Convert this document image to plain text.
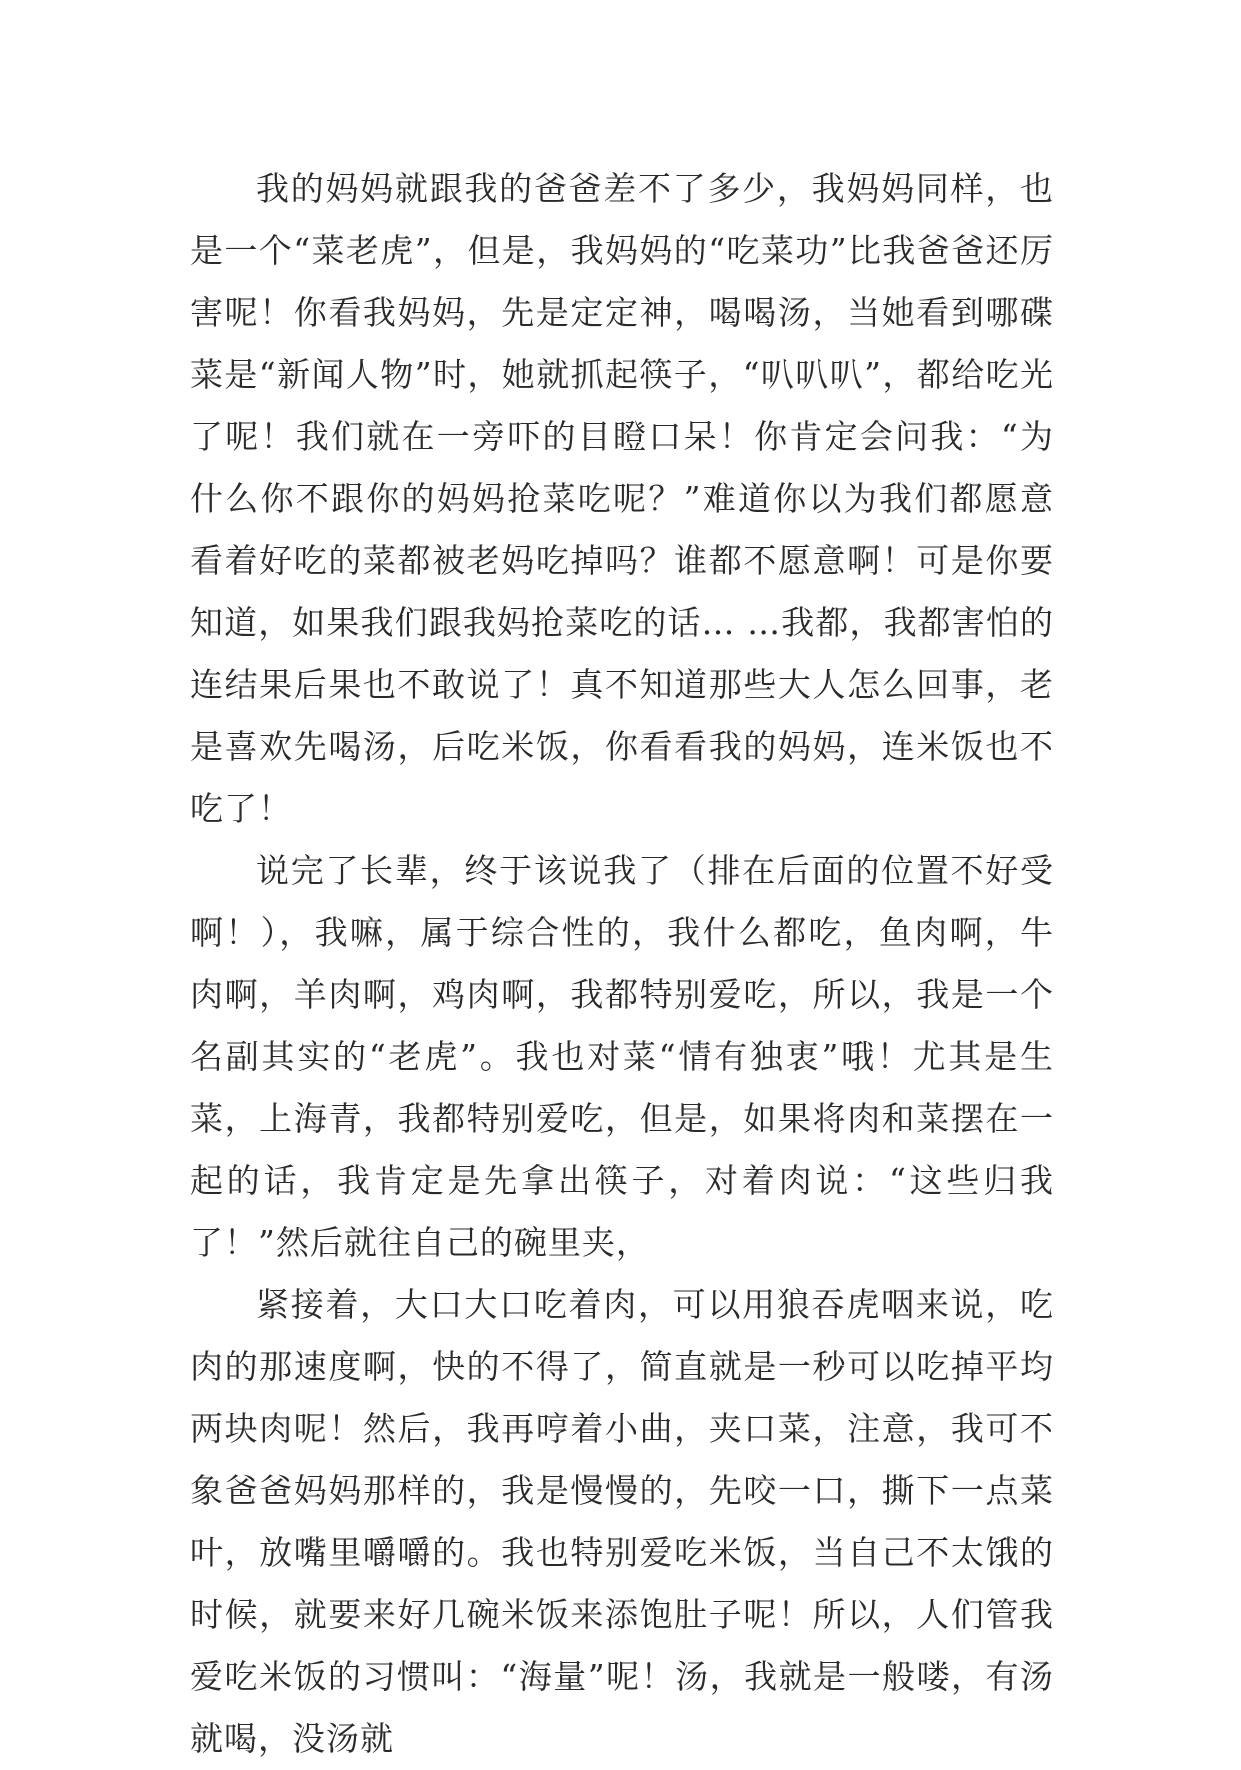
我的妈妈就跟我的爸爸差不了多少，我妈妈同样，也是一个“菜老虎”，但是，我妈妈的“吃菜功”比我爸爸还厉害呢！你看我妈妈，先是定定神，喝喝汤，当她看到哪碟菜是“新闻人物”时，她就抓起筷子，“叭叭叭”，都给吃光了呢！我们就在一旁吓的目瞪口呆！你肯定会问我：“为什么你不跟你的妈妈抢菜吃呢？”难道你以为我们都愿意看着好吃的菜都被老妈吃掉吗？谁都不愿意啊！可是你要知道，如果我们跟我妈抢菜吃的话… …我都，我都害怕的连结果后果也不敢说了！真不知道那些大人怎么回事，老是喜欢先喝汤，后吃米饭，你看看我的妈妈，连米饭也不吃了！

说完了长辈，终于该说我了（排在后面的位置不好受啊！），我嘛，属于综合性的，我什么都吃，鱼肉啊，牛肉啊，羊肉啊，鸡肉啊，我都特别爱吃，所以，我是一个名副其实的“老虎”。我也对菜“情有独衷”哦！尤其是生菜，上海青，我都特别爱吃，但是，如果将肉和菜摆在一起的话，我肯定是先拿出筷子，对着肉说：“这些归我了！”然后就往自己的碗里夹，

紧接着，大口大口吃着肉，可以用狼吞虎咽来说，吃肉的那速度啊，快的不得了，简直就是一秒可以吃掉平均两块肉呢！然后，我再哼着小曲，夹口菜，注意，我可不象爸爸妈妈那样的，我是慢慢的，先咬一口，撕下一点菜叶，放嘴里嚼嚼的。我也特别爱吃米饭，当自己不太饿的时候，就要来好几碗米饭来添饱肚子呢！所以，人们管我爱吃米饭的习惯叫：“海量”呢！汤，我就是一般喽，有汤就喝，没汤就
